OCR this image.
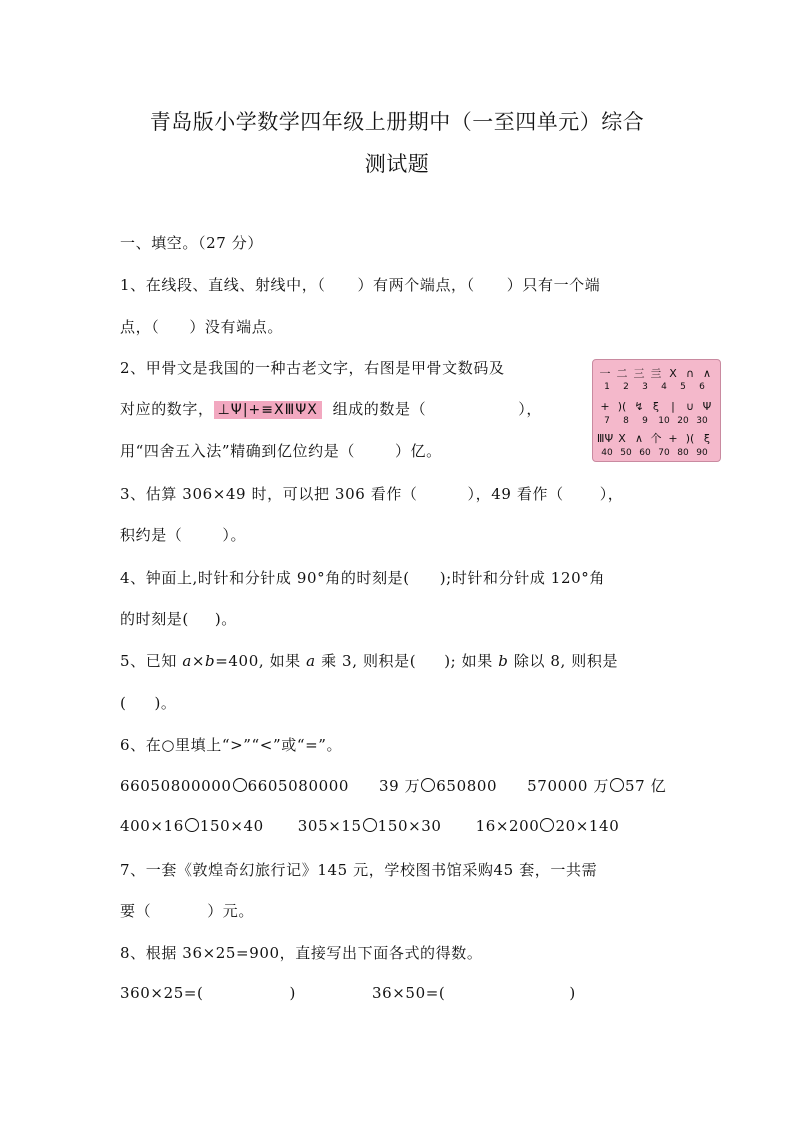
青岛版小学数学四年级上册期中（一至四单元）综合
测试题
一、填空。（27 分）
1、在线段、直线、射线中，（ ）有两个端点，（ ）只有一个端
点，（ ）没有端点。
2、甲骨文是我国的一种古老文字，右图是甲骨文数码及
对应的数字， ⊥Ψ|+≡ⅩⅢΨⅩ 组成的数是（	），
用“四舍五入法”精确到亿位约是（	）亿。
一 二 三 亖 Ⅹ ∩ ∧
1 2 3 4 5 6
+ )( ↯ ξ | ∪ Ψ
7 8 9 10 20 30
ⅢΨ Ⅹ ∧ 个 + )( ξ
40 50 60 70 80 90
3、估算 306×49 时，可以把 306 看作（	），49 看作（ ），
积约是（	）。
4、钟面上,时针和分针成 90°角的时刻是( );时针和分针成 120°角
的时刻是( )。
5、已知 a×b=400, 如果 a 乘 3, 则积是( ); 如果 b 除以 8, 则积是
( )。
6、在○里填上“>”“<”或“=”。
66050800000 6605080000 39 万 650800 570000 万 57 亿
400×16 150×40 305×15 150×30 16×200 20×140
7、一套《敦煌奇幻旅行记》145 元，学校图书馆采购45 套，一共需
要（	）元。
8、根据 36×25=900，直接写出下面各式的得数。
360×25=(	)	36×50=(	)
